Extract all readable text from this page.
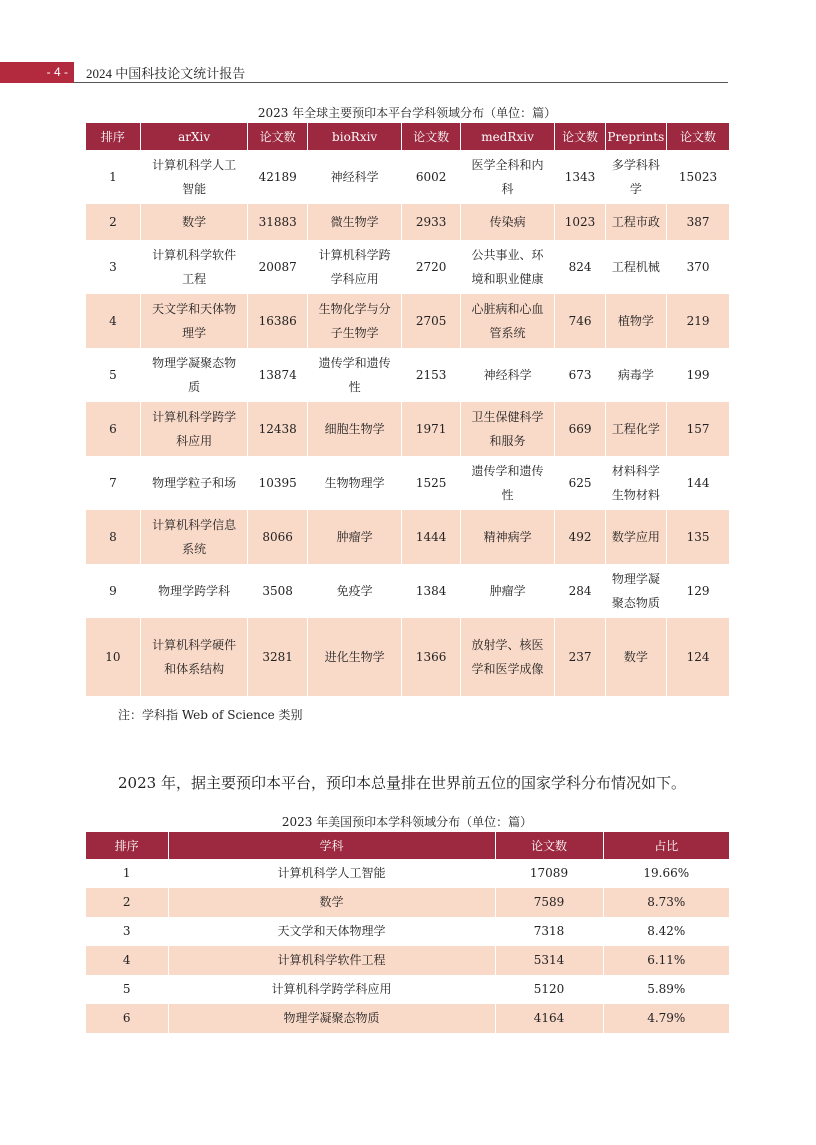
- 4 -	2024 中国科技论文统计报告
2023 年全球主要预印本平台学科领域分布（单位：篇）
排序	arXiv	论文数	bioRxiv	论文数	medRxiv	论文数	Preprints	论文数
1	计算机科学人工智能	42189	神经科学	6002	医学全科和内科	1343	多学科科学	15023
2	数学	31883	微生物学	2933	传染病	1023	工程市政	387
3	计算机科学软件工程	20087	计算机科学跨学科应用	2720	公共事业、环境和职业健康	824	工程机械	370
4	天文学和天体物理学	16386	生物化学与分子生物学	2705	心脏病和心血管系统	746	植物学	219
5	物理学凝聚态物质	13874	遗传学和遗传性	2153	神经科学	673	病毒学	199
6	计算机科学跨学科应用	12438	细胞生物学	1971	卫生保健科学和服务	669	工程化学	157
7	物理学粒子和场	10395	生物物理学	1525	遗传学和遗传性	625	材料科学生物材料	144
8	计算机科学信息系统	8066	肿瘤学	1444	精神病学	492	数学应用	135
9	物理学跨学科	3508	免疫学	1384	肿瘤学	284	物理学凝聚态物质	129
10	计算机科学硬件和体系结构	3281	进化生物学	1366	放射学、核医学和医学成像	237	数学	124
注：学科指 Web of Science 类别
2023 年，据主要预印本平台，预印本总量排在世界前五位的国家学科分布情况如下。
2023 年美国预印本学科领域分布（单位：篇）
排序	学科	论文数	占比
1	计算机科学人工智能	17089	19.66%
2	数学	7589	8.73%
3	天文学和天体物理学	7318	8.42%
4	计算机科学软件工程	5314	6.11%
5	计算机科学跨学科应用	5120	5.89%
6	物理学凝聚态物质	4164	4.79%
